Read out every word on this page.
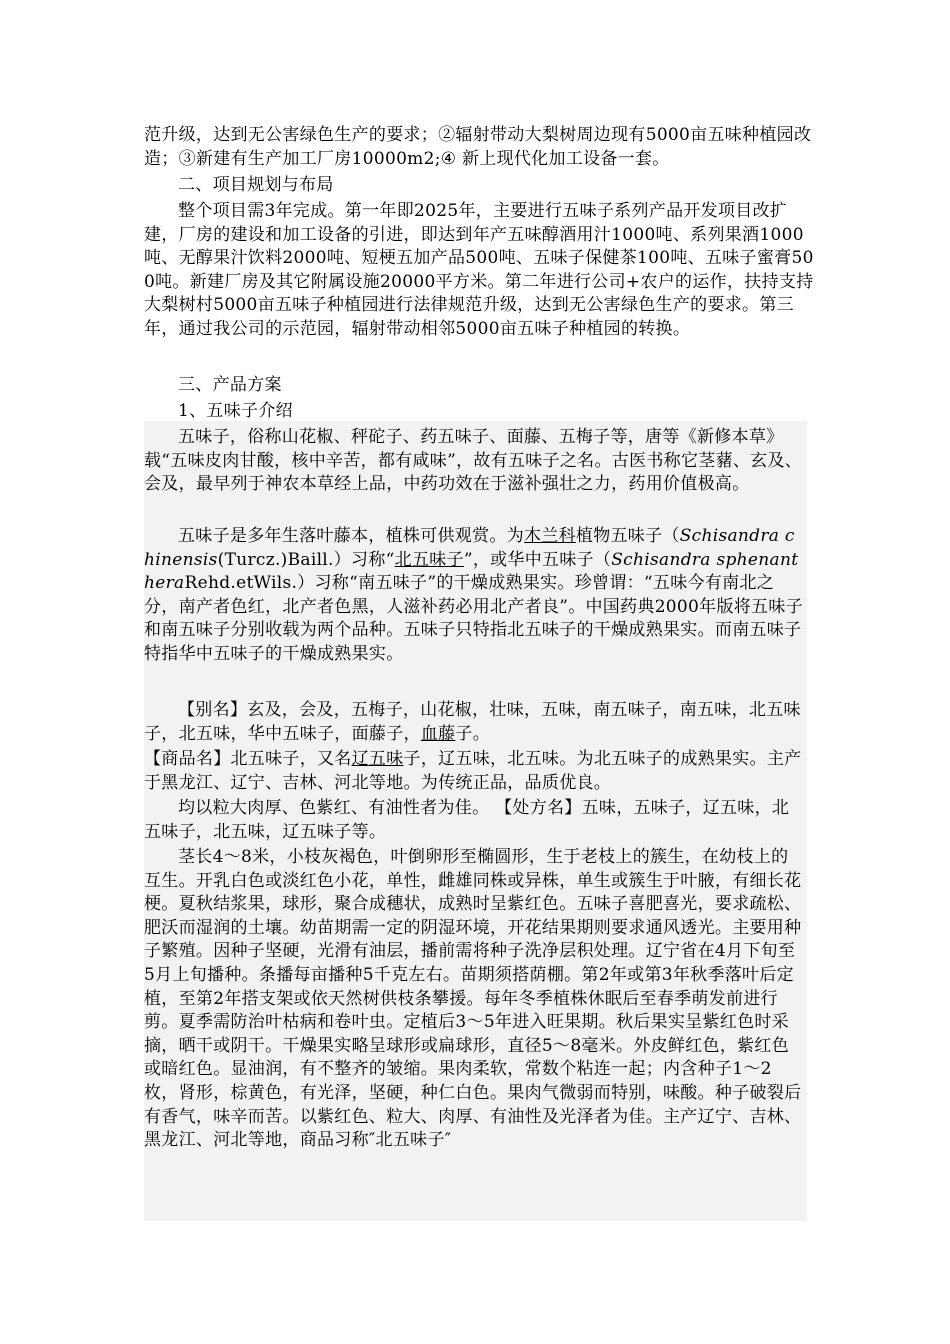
范升级，达到无公害绿色生产的要求；②辐射带动大梨树周边现有5000亩五味种植园改造；③新建有生产加工厂房10000m2;④ 新上现代化加工设备一套。

二、项目规划与布局

整个项目需3年完成。第一年即2025年，主要进行五味子系列产品开发项目改扩建，厂房的建设和加工设备的引进，即达到年产五味醇酒用汁1000吨、系列果酒1000吨、无醇果汁饮料2000吨、短梗五加产品500吨、五味子保健茶100吨、五味子蜜膏500吨。新建厂房及其它附属设施20000平方米。第二年进行公司+农户的运作，扶持支持大梨树村5000亩五味子种植园进行法律规范升级，达到无公害绿色生产的要求。第三年，通过我公司的示范园，辐射带动相邻5000亩五味子种植园的转换。

三、产品方案

1、五味子介绍

五味子，俗称山花椒、秤砣子、药五味子、面藤、五梅子等，唐等《新修本草》载“五味皮肉甘酸，核中辛苦，都有咸味”，故有五味子之名。古医书称它茎藸、玄及、会及，最早列于神农本草经上品，中药功效在于滋补强壮之力，药用价值极高。

五味子是多年生落叶藤本，植株可供观赏。为木兰科植物五味子（Schisandra chinensis(Turcz.)Baill.）习称“北五味子”，或华中五味子（Schisandra sphenantheraRehd.etWils.）习称“南五味子”的干燥成熟果实。珍曾谓：“五味今有南北之分，南产者色红，北产者色黑，人滋补药必用北产者良”。中国药典2000年版将五味子和南五味子分别收载为两个品种。五味子只特指北五味子的干燥成熟果实。而南五味子特指华中五味子的干燥成熟果实。

【别名】玄及，会及，五梅子，山花椒，壮味，五味，南五味子，南五味，北五味子，北五味，华中五味子，面藤子，血藤子。

【商品名】北五味子，又名辽五味子，辽五味，北五味。为北五味子的成熟果实。主产于黑龙江、辽宁、吉林、河北等地。为传统正品，品质优良。

均以粒大肉厚、色紫红、有油性者为佳。 【处方名】五味，五味子，辽五味，北五味子，北五味，辽五味子等。

茎长4～8米，小枝灰褐色，叶倒卵形至椭圆形，生于老枝上的簇生，在幼枝上的互生。开乳白色或淡红色小花，单性，雌雄同株或异株，单生或簇生于叶腋，有细长花梗。夏秋结浆果，球形，聚合成穗状，成熟时呈紫红色。五味子喜肥喜光，要求疏松、肥沃而湿润的土壤。幼苗期需一定的阴湿环境，开花结果期则要求通风透光。主要用种子繁殖。因种子坚硬，光滑有油层，播前需将种子洗净层积处理。辽宁省在4月下旬至5月上旬播种。条播每亩播种5千克左右。苗期须搭荫棚。第2年或第3年秋季落叶后定植，至第2年搭支架或依天然树供枝条攀援。每年冬季植株休眠后至春季萌发前进行剪。夏季需防治叶枯病和卷叶虫。定植后3～5年进入旺果期。秋后果实呈紫红色时采摘，晒干或阴干。干燥果实略呈球形或扁球形，直径5～8毫米。外皮鲜红色，紫红色或暗红色。显油润，有不整齐的皱缩。果肉柔软，常数个粘连一起；内含种子1～2枚，肾形，棕黄色，有光泽，坚硬，种仁白色。果肉气微弱而特别，味酸。种子破裂后有香气，味辛而苦。以紫红色、粒大、肉厚、有油性及光泽者为佳。主产辽宁、吉林、黑龙江、河北等地，商品习称″北五味子″
